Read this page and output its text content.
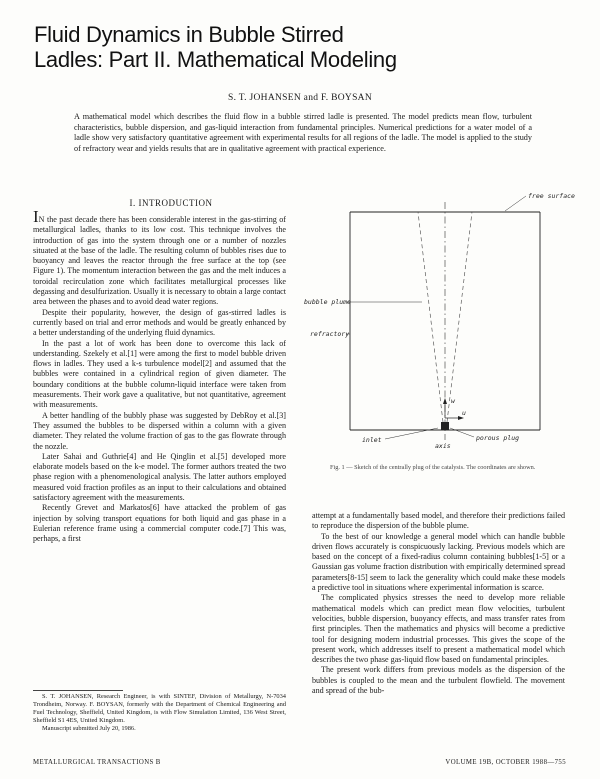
Fluid Dynamics in Bubble Stirred
Ladles: Part II. Mathematical Modeling
S. T. JOHANSEN and F. BOYSAN
A mathematical model which describes the fluid flow in a bubble stirred ladle is presented. The model predicts mean flow, turbulent characteristics, bubble dispersion, and gas-liquid interaction from fundamental principles. Numerical predictions for a water model of a ladle show very satisfactory quantitative agreement with experimental results for all regions of the ladle. The model is applied to the study of refractory wear and yields results that are in qualitative agreement with practical experience.
I. INTRODUCTION

IN the past decade there has been considerable interest in the gas-stirring of metallurgical ladles, thanks to its low cost. This technique involves the introduction of gas into the system through one or a number of nozzles situated at the base of the ladle. The resulting column of bubbles rises due to buoyancy and leaves the reactor through the free surface at the top (see Figure 1). The momentum interaction between the gas and the melt induces a toroidal recirculation zone which facilitates metallurgical processes like degassing and desulfurization. Usually it is necessary to obtain a large contact area between the phases and to avoid dead water regions.

Despite their popularity, however, the design of gas-stirred ladles is currently based on trial and error methods and would be greatly enhanced by a better understanding of the underlying fluid dynamics.

In the past a lot of work has been done to overcome this lack of understanding. Szekely et al.[1] were among the first to model bubble driven flows in ladles. They used a k-s turbulence model[2] and assumed that the bubbles were contained in a cylindrical region of given diameter. The boundary conditions at the bubble column-liquid interface were taken from measurements. Their work gave a qualitative, but not quantitative, agreement with measurements.

A better handling of the bubbly phase was suggested by DebRoy et al.[3] They assumed the bubbles to be dispersed within a column with a given diameter. They related the volume fraction of gas to the gas flowrate through the nozzle.

Later Sahai and Guthrie[4] and He Qinglin et al.[5] developed more elaborate models based on the k-e model. The former authors treated the two phase region with a phenomenological analysis. The latter authors employed measured void fraction profiles as an input to their calculations and obtained satisfactory agreement with the measurements.

Recently Grevet and Markatos[6] have attacked the problem of gas injection by solving transport equations for both liquid and gas phase in a Eulerian reference frame using a commercial computer code.[7] This was, perhaps, a first

free surface
bubble plume
refractory
w
u
axis
porous plug
inlet
Fig. 1 — Sketch of the centrally plug of the catalysis. The coordinates are shown.

attempt at a fundamentally based model, and therefore their predictions failed to reproduce the dispersion of the bubble plume.

To the best of our knowledge a general model which can handle bubble driven flows accurately is conspicuously lacking. Previous models which are based on the concept of a fixed-radius column containing bubbles[1-5] or a Gaussian gas volume fraction distribution with empirically determined spread parameters[8-15] seem to lack the generality which could make these models a predictive tool in situations where experimental information is scarce.

The complicated physics stresses the need to develop more reliable mathematical models which can predict mean flow velocities, turbulent velocities, bubble dispersion, buoyancy effects, and mass transfer rates from first principles. Then the mathematics and physics will become a predictive tool for designing modern industrial processes. This gives the scope of the present work, which addresses itself to present a mathematical model which describes the two phase gas-liquid flow based on fundamental principles.

The present work differs from previous models as the dispersion of the bubbles is coupled to the mean and the turbulent flowfield. The movement and spread of the bub-

S. T. JOHANSEN, Research Engineer, is with SINTEF, Division of Metallurgy, N-7034 Trondheim, Norway. F. BOYSAN, formerly with the Department of Chemical Engineering and Fuel Technology, Sheffield, United Kingdom, is with Flow Simulation Limited, 136 West Street, Sheffield S1 4ES, United Kingdom.

Manuscript submitted July 20, 1986.

METALLURGICAL TRANSACTIONS B	VOLUME 19B, OCTOBER 1988—755
